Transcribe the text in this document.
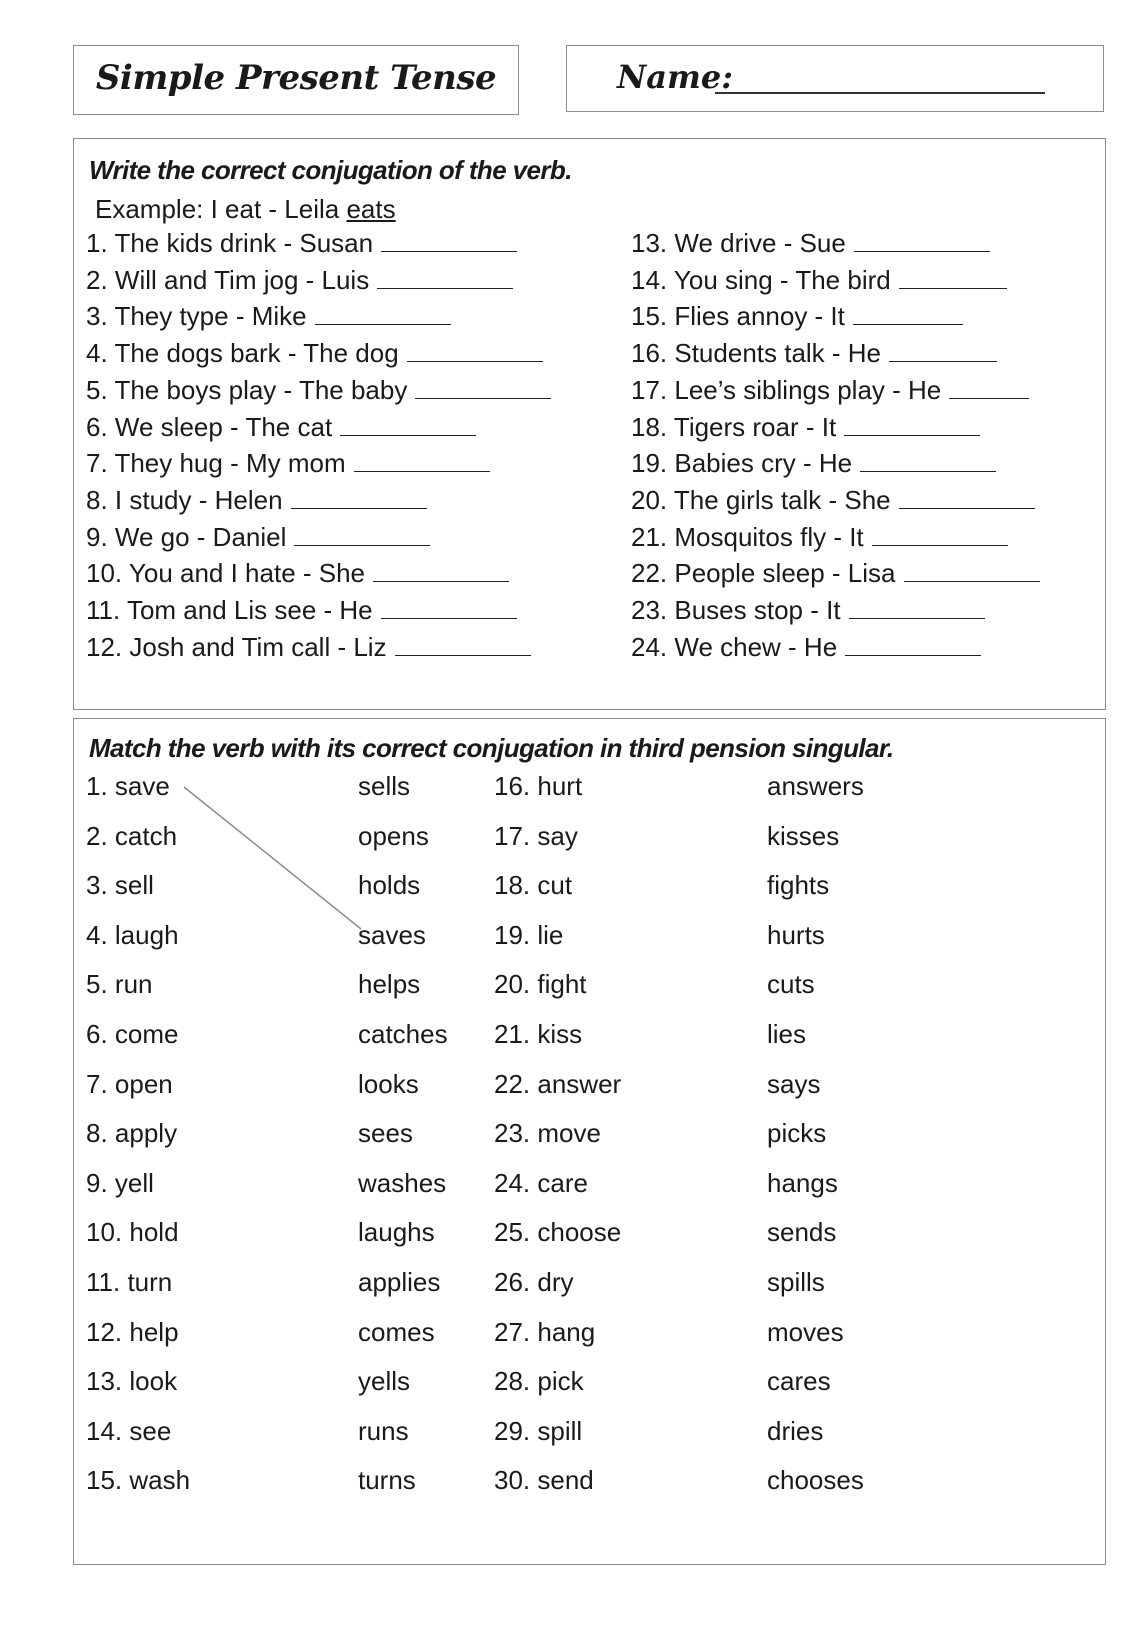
Simple Present Tense	Name:
Write the correct conjugation of the verb.
Example: I eat - Leila eats
1. The kids drink - Susan
2. Will and Tim jog - Luis
3. They type - Mike
4. The dogs bark - The dog
5. The boys play - The baby
6. We sleep - The cat
7. They hug - My mom
8. I study - Helen
9. We go - Daniel
10. You and I hate - She
11. Tom and Lis see - He
12. Josh and Tim call - Liz
13. We drive - Sue
14. You sing - The bird
15. Flies annoy - It
16. Students talk - He
17. Lee’s siblings play - He
18. Tigers roar - It
19. Babies cry - He
20. The girls talk - She
21. Mosquitos fly - It
22. People sleep - Lisa
23. Buses stop - It
24. We chew - He
Match the verb with its correct conjugation in third pension singular.
1. save
2. catch
3. sell
4. laugh
5. run
6. come
7. open
8. apply
9. yell
10. hold
11. turn
12. help
13. look
14. see
15. wash
sells
opens
holds
saves
helps
catches
looks
sees
washes
laughs
applies
comes
yells
runs
turns
16. hurt
17. say
18. cut
19. lie
20. fight
21. kiss
22. answer
23. move
24. care
25. choose
26. dry
27. hang
28. pick
29. spill
30. send
answers
kisses
fights
hurts
cuts
lies
says
picks
hangs
sends
spills
moves
cares
dries
chooses
